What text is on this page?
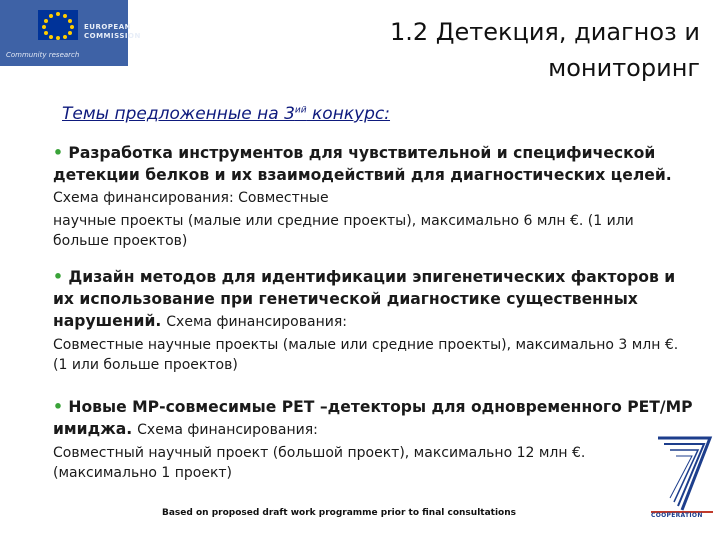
EUROPEAN
COMMISSION
Community research
1.2 Детекция, диагноз и мониторинг
Темы предложенные на $3^{ий}$ конкурс:
• Разработка инструментов для чувствительной и специфической детекции белков и их взаимодействий для диагностических целей. Схема финансирования: Совместные
научные проекты (малые или средние проекты), максимально 6 млн €. (1 или больше проектов)
• Дизайн методов для идентификации эпигенетических факторов и их использование при генетической диагностике существенных нарушений. Схема финансирования:
Совместные научные проекты (малые или средние проекты), максимально 3 млн €. (1 или больше проектов)
• Новые МР-совмесимые PET –детекторы для одновременного PET/МР имиджа. Схема финансирования:
Совместный научный проект (большой проект), максимально 12 млн €. (максимально 1 проект)
Based on proposed draft work programme prior to final consultations	COOPERATION
